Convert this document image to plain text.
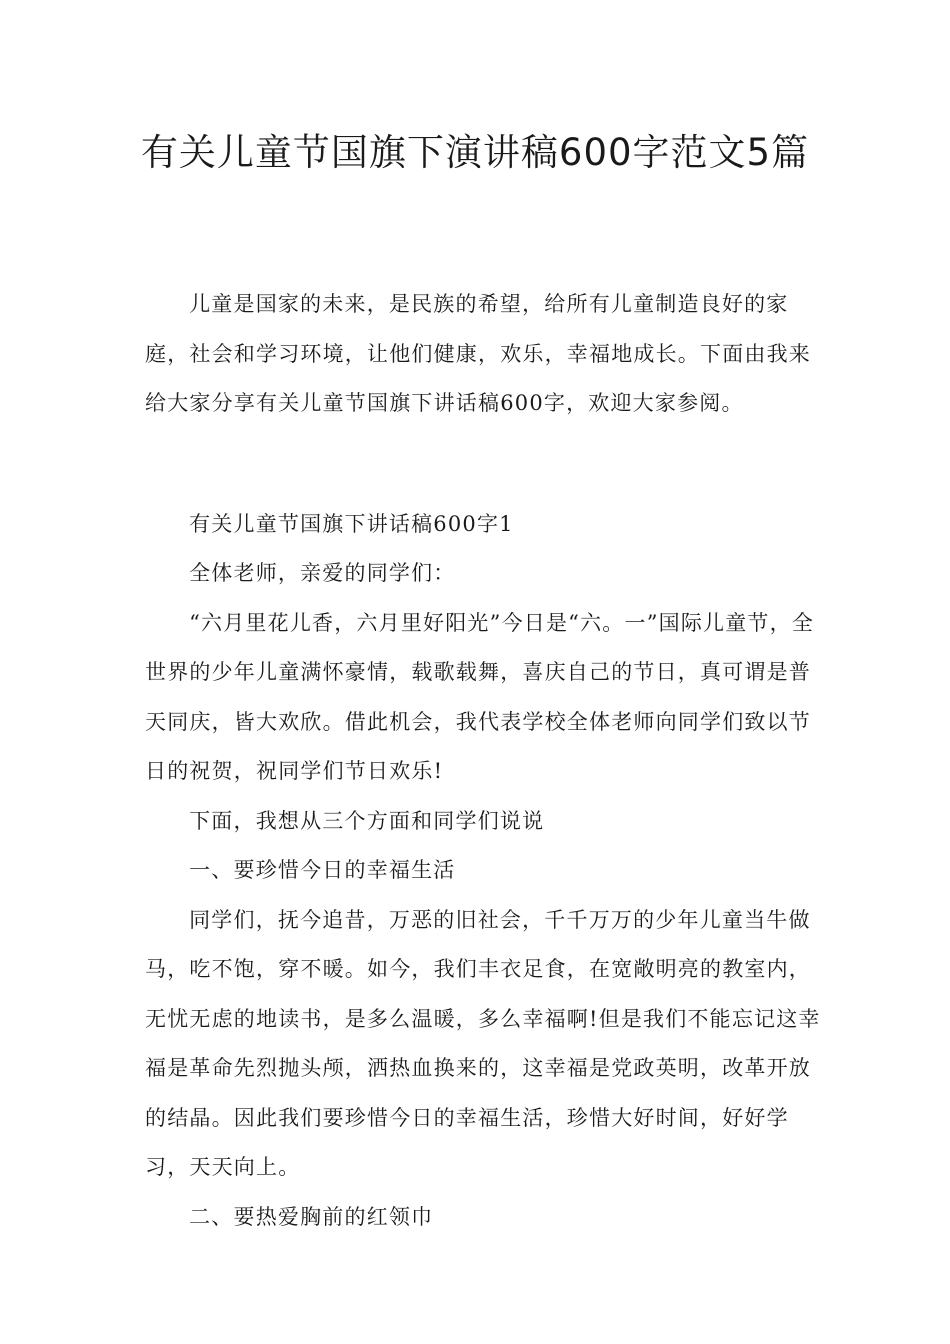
有关儿童节国旗下演讲稿600字范文5篇

儿童是国家的未来，是民族的希望，给所有儿童制造良好的家庭，社会和学习环境，让他们健康，欢乐，幸福地成长。下面由我来给大家分享有关儿童节国旗下讲话稿600字，欢迎大家参阅。

有关儿童节国旗下讲话稿600字1

全体老师，亲爱的同学们：

“六月里花儿香，六月里好阳光”今日是“六。一”国际儿童节，全世界的少年儿童满怀豪情，载歌载舞，喜庆自己的节日，真可谓是普天同庆，皆大欢欣。借此机会，我代表学校全体老师向同学们致以节日的祝贺，祝同学们节日欢乐!

下面，我想从三个方面和同学们说说

一、要珍惜今日的幸福生活

同学们，抚今追昔，万恶的旧社会，千千万万的少年儿童当牛做马，吃不饱，穿不暖。如今，我们丰衣足食，在宽敞明亮的教室内，无忧无虑的地读书，是多么温暖，多么幸福啊!但是我们不能忘记这幸福是革命先烈抛头颅，洒热血换来的，这幸福是党政英明，改革开放的结晶。因此我们要珍惜今日的幸福生活，珍惜大好时间，好好学习，天天向上。

二、要热爱胸前的红领巾
